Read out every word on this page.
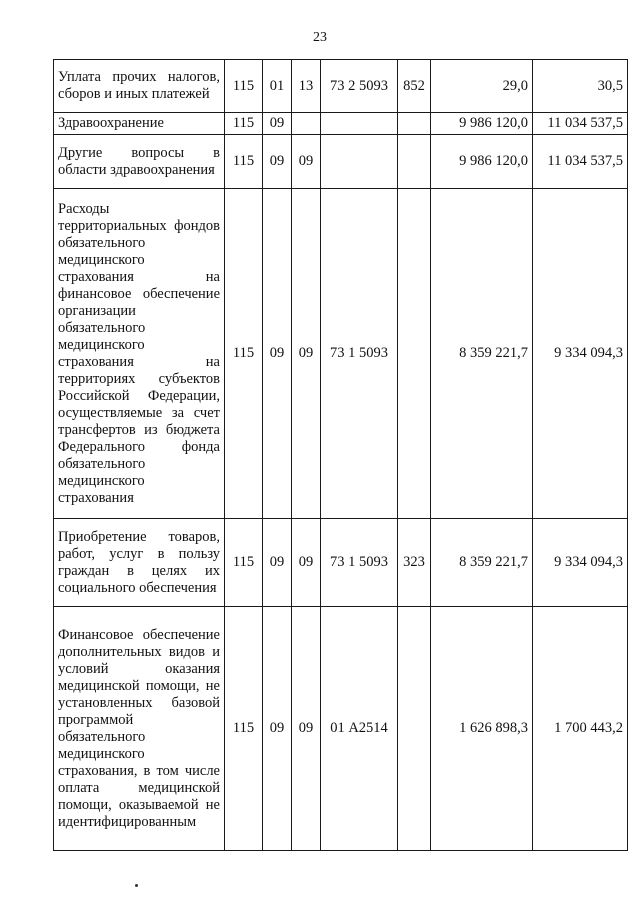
23
Уплата прочих налогов, сборов и иных платежей	115	01	13	73 2 5093	852	29,0	30,5
Здравоохранение	115	09				9 986 120,0	11 034 537,5
Другие вопросы в области здравоохранения	115	09	09			9 986 120,0	11 034 537,5
Расходы территориальных фондов обязательного медицинского страхования на финансовое обеспечение организации обязательного медицинского страхования на территориях субъектов Российской Федерации, осуществляемые за счет трансфертов из бюджета Федерального фонда обязательного медицинского страхования	115	09	09	73 1 5093		8 359 221,7	9 334 094,3
Приобретение товаров, работ, услуг в пользу граждан в целях их социального обеспечения	115	09	09	73 1 5093	323	8 359 221,7	9 334 094,3
Финансовое обеспечение дополнительных видов и условий оказания медицинской помощи, не установленных базовой программой обязательного медицинского страхования, в том числе оплата медицинской помощи, оказываемой не идентифицированным	115	09	09	01 А2514		1 626 898,3	1 700 443,2
